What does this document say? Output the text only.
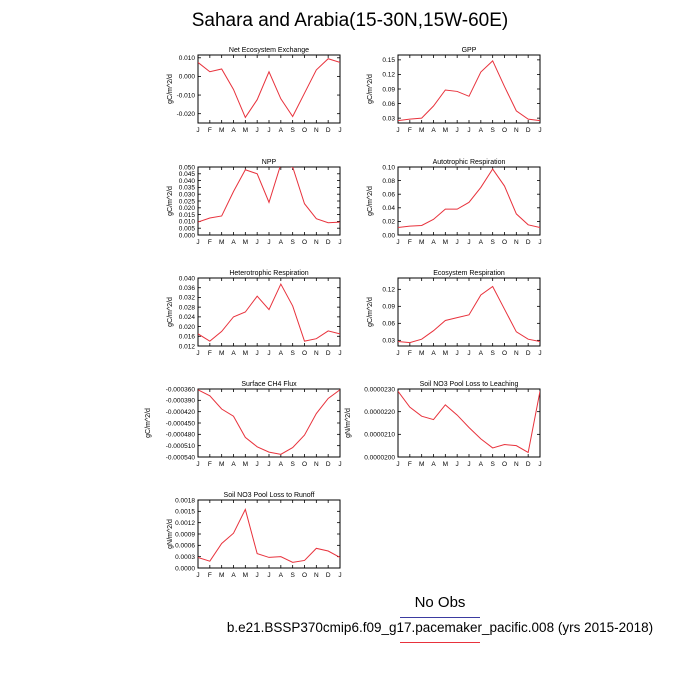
Sahara and Arabia(15-30N,15W-60E)
Net Ecosystem Exchange
gC/m^2/d
0.010
0.000
-0.010
-0.020
J F M A M J J A S O N D J
GPP
gC/m^2/d
0.15
0.12
0.09
0.06
0.03
J F M A M J J A S O N D J
NPP
gC/m^2/d
0.050
0.045
0.040
0.035
0.030
0.025
0.020
0.015
0.010
0.005
0.000
J F M A M J J A S O N D J
Autotrophic Respiration
gC/m^2/d
0.10
0.08
0.06
0.04
0.02
0.00
J F M A M J J A S O N D J
Heterotrophic Respiration
gC/m^2/d
0.040
0.036
0.032
0.028
0.024
0.020
0.016
0.012
J F M A M J J A S O N D J
Ecosystem Respiration
gC/m^2/d
0.12
0.09
0.06
0.03
J F M A M J J A S O N D J
Surface CH4 Flux
gC/m^2/d
-0.000360
-0.000390
-0.000420
-0.000450
-0.000480
-0.000510
-0.000540
J F M A M J J A S O N D J
Soil NO3 Pool Loss to Leaching
gN/m^2/d
0.0000230
0.0000220
0.0000210
0.0000200
J F M A M J J A S O N D J
Soil NO3 Pool Loss to Runoff
gN/m^2/d
0.0018
0.0015
0.0012
0.0009
0.0006
0.0003
0.0000
J F M A M J J A S O N D J
No Obs
b.e21.BSSP370cmip6.f09_g17.pacemaker_pacific.008 (yrs 2015-2018)
